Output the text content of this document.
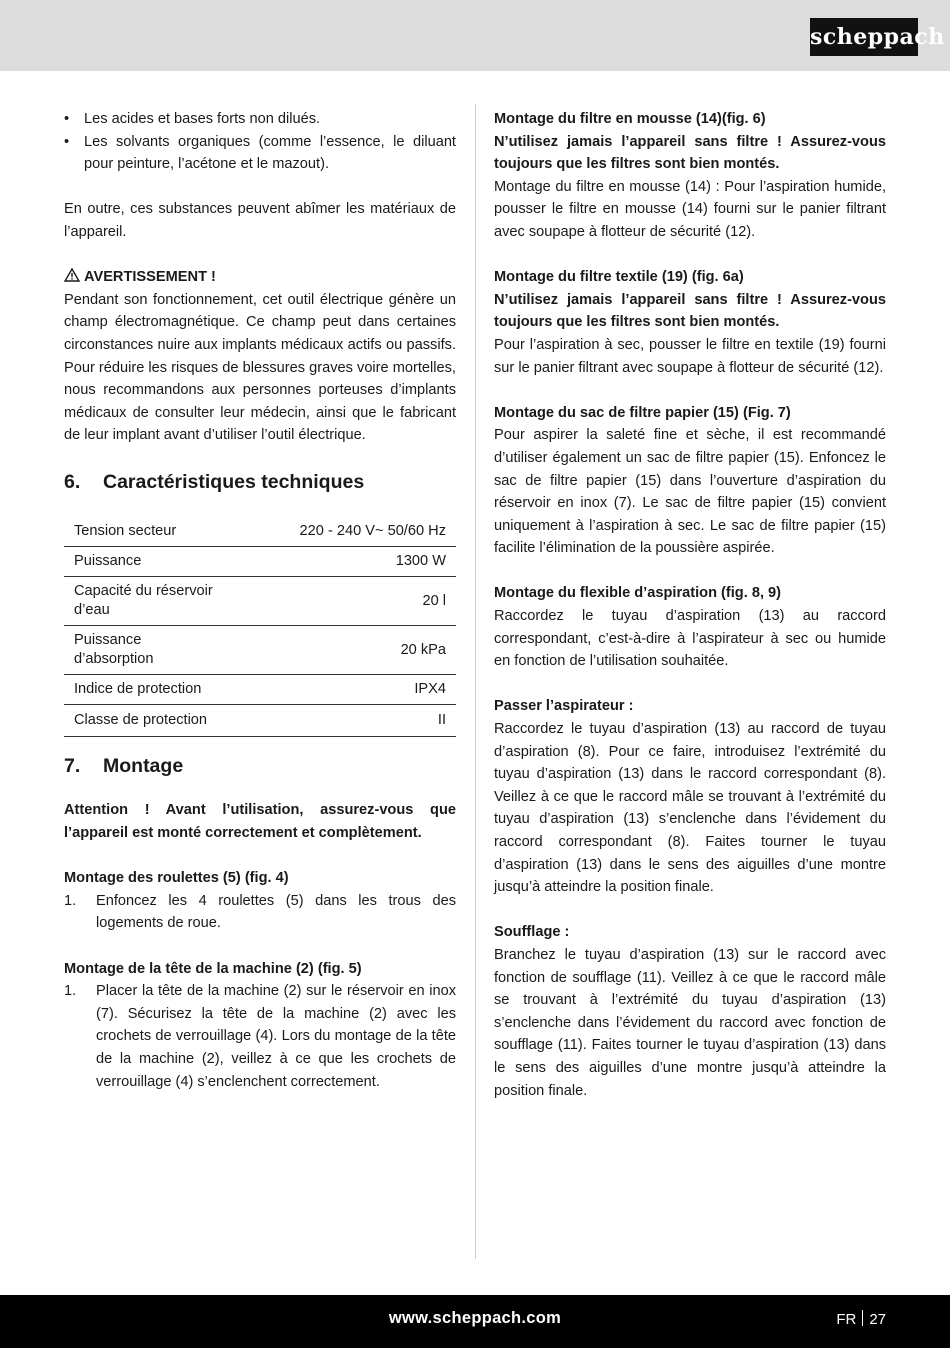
scheppach
• Les acides et bases forts non dilués.
• Les solvants organiques (comme l’essence, le diluant pour peinture, l’acétone et le mazout).

En outre, ces substances peuvent abîmer les matériaux de l’appareil.

AVERTISSEMENT !

Pendant son fonctionnement, cet outil électrique génère un champ électromagnétique. Ce champ peut dans certaines circonstances nuire aux implants médicaux actifs ou passifs. Pour réduire les risques de blessures graves voire mortelles, nous recommandons aux personnes porteuses d’implants médicaux de consulter leur médecin, ainsi que le fabricant de leur implant avant d’utiliser l’outil électrique.

6.	Caractéristiques techniques
Tension secteur	220 - 240 V~ 50/60 Hz
Puissance	1300 W
Capacité du réservoir d’eau	20 l
Puissance d’absorption	20 kPa
Indice de protection	IPX4
Classe de protection	II
7.	Montage

Attention ! Avant l’utilisation, assurez-vous que l’appareil est monté correctement et complètement.

Montage des roulettes (5) (fig. 4)

1. Enfoncez les 4 roulettes (5) dans les trous des logements de roue.

Montage de la tête de la machine (2) (fig. 5)

1. Placer la tête de la machine (2) sur le réservoir en inox (7). Sécurisez la tête de la machine (2) avec les crochets de verrouillage (4). Lors du montage de la tête de la machine (2), veillez à ce que les crochets de verrouillage (4) s’enclenchent correctement.

Montage du filtre en mousse (14)(fig. 6)

N’utilisez jamais l’appareil sans filtre ! Assurez-vous toujours que les filtres sont bien montés.

Montage du filtre en mousse (14) : Pour l’aspiration humide, pousser le filtre en mousse (14) fourni sur le panier filtrant avec soupape à flotteur de sécurité (12).

Montage du filtre textile (19) (fig. 6a)

N’utilisez jamais l’appareil sans filtre ! Assurez-vous toujours que les filtres sont bien montés.

Pour l’aspiration à sec, pousser le filtre en textile (19) fourni sur le panier filtrant avec soupape à flotteur de sécurité (12).

Montage du sac de filtre papier (15) (Fig. 7)

Pour aspirer la saleté fine et sèche, il est recommandé d’utiliser également un sac de filtre papier (15). Enfoncez le sac de filtre papier (15) dans l’ouverture d’aspiration du réservoir en inox (7). Le sac de filtre papier (15) convient uniquement à l’aspiration à sec. Le sac de filtre papier (15) facilite l’élimination de la poussière aspirée.

Montage du flexible d’aspiration (fig. 8, 9)

Raccordez le tuyau d’aspiration (13) au raccord correspondant, c’est-à-dire à l’aspirateur à sec ou humide en fonction de l’utilisation souhaitée.

Passer l’aspirateur :

Raccordez le tuyau d’aspiration (13) au raccord de tuyau d’aspiration (8). Pour ce faire, introduisez l’extrémité du tuyau d’aspiration (13) dans le raccord correspondant (8). Veillez à ce que le raccord mâle se trouvant à l’extrémité du tuyau d’aspiration (13) s’enclenche dans l’évidement du raccord correspondant (8). Faites tourner le tuyau d’aspiration (13) dans le sens des aiguilles d’une montre jusqu’à atteindre la position finale.

Soufflage :

Branchez le tuyau d’aspiration (13) sur le raccord avec fonction de soufflage (11). Veillez à ce que le raccord mâle se trouvant à l’extrémité du tuyau d’aspiration (13) s’enclenche dans l’évidement du raccord avec fonction de soufflage (11). Faites tourner le tuyau d’aspiration (13) dans le sens des aiguilles d’une montre jusqu’à atteindre la position finale.

www.scheppach.com	FR 27
